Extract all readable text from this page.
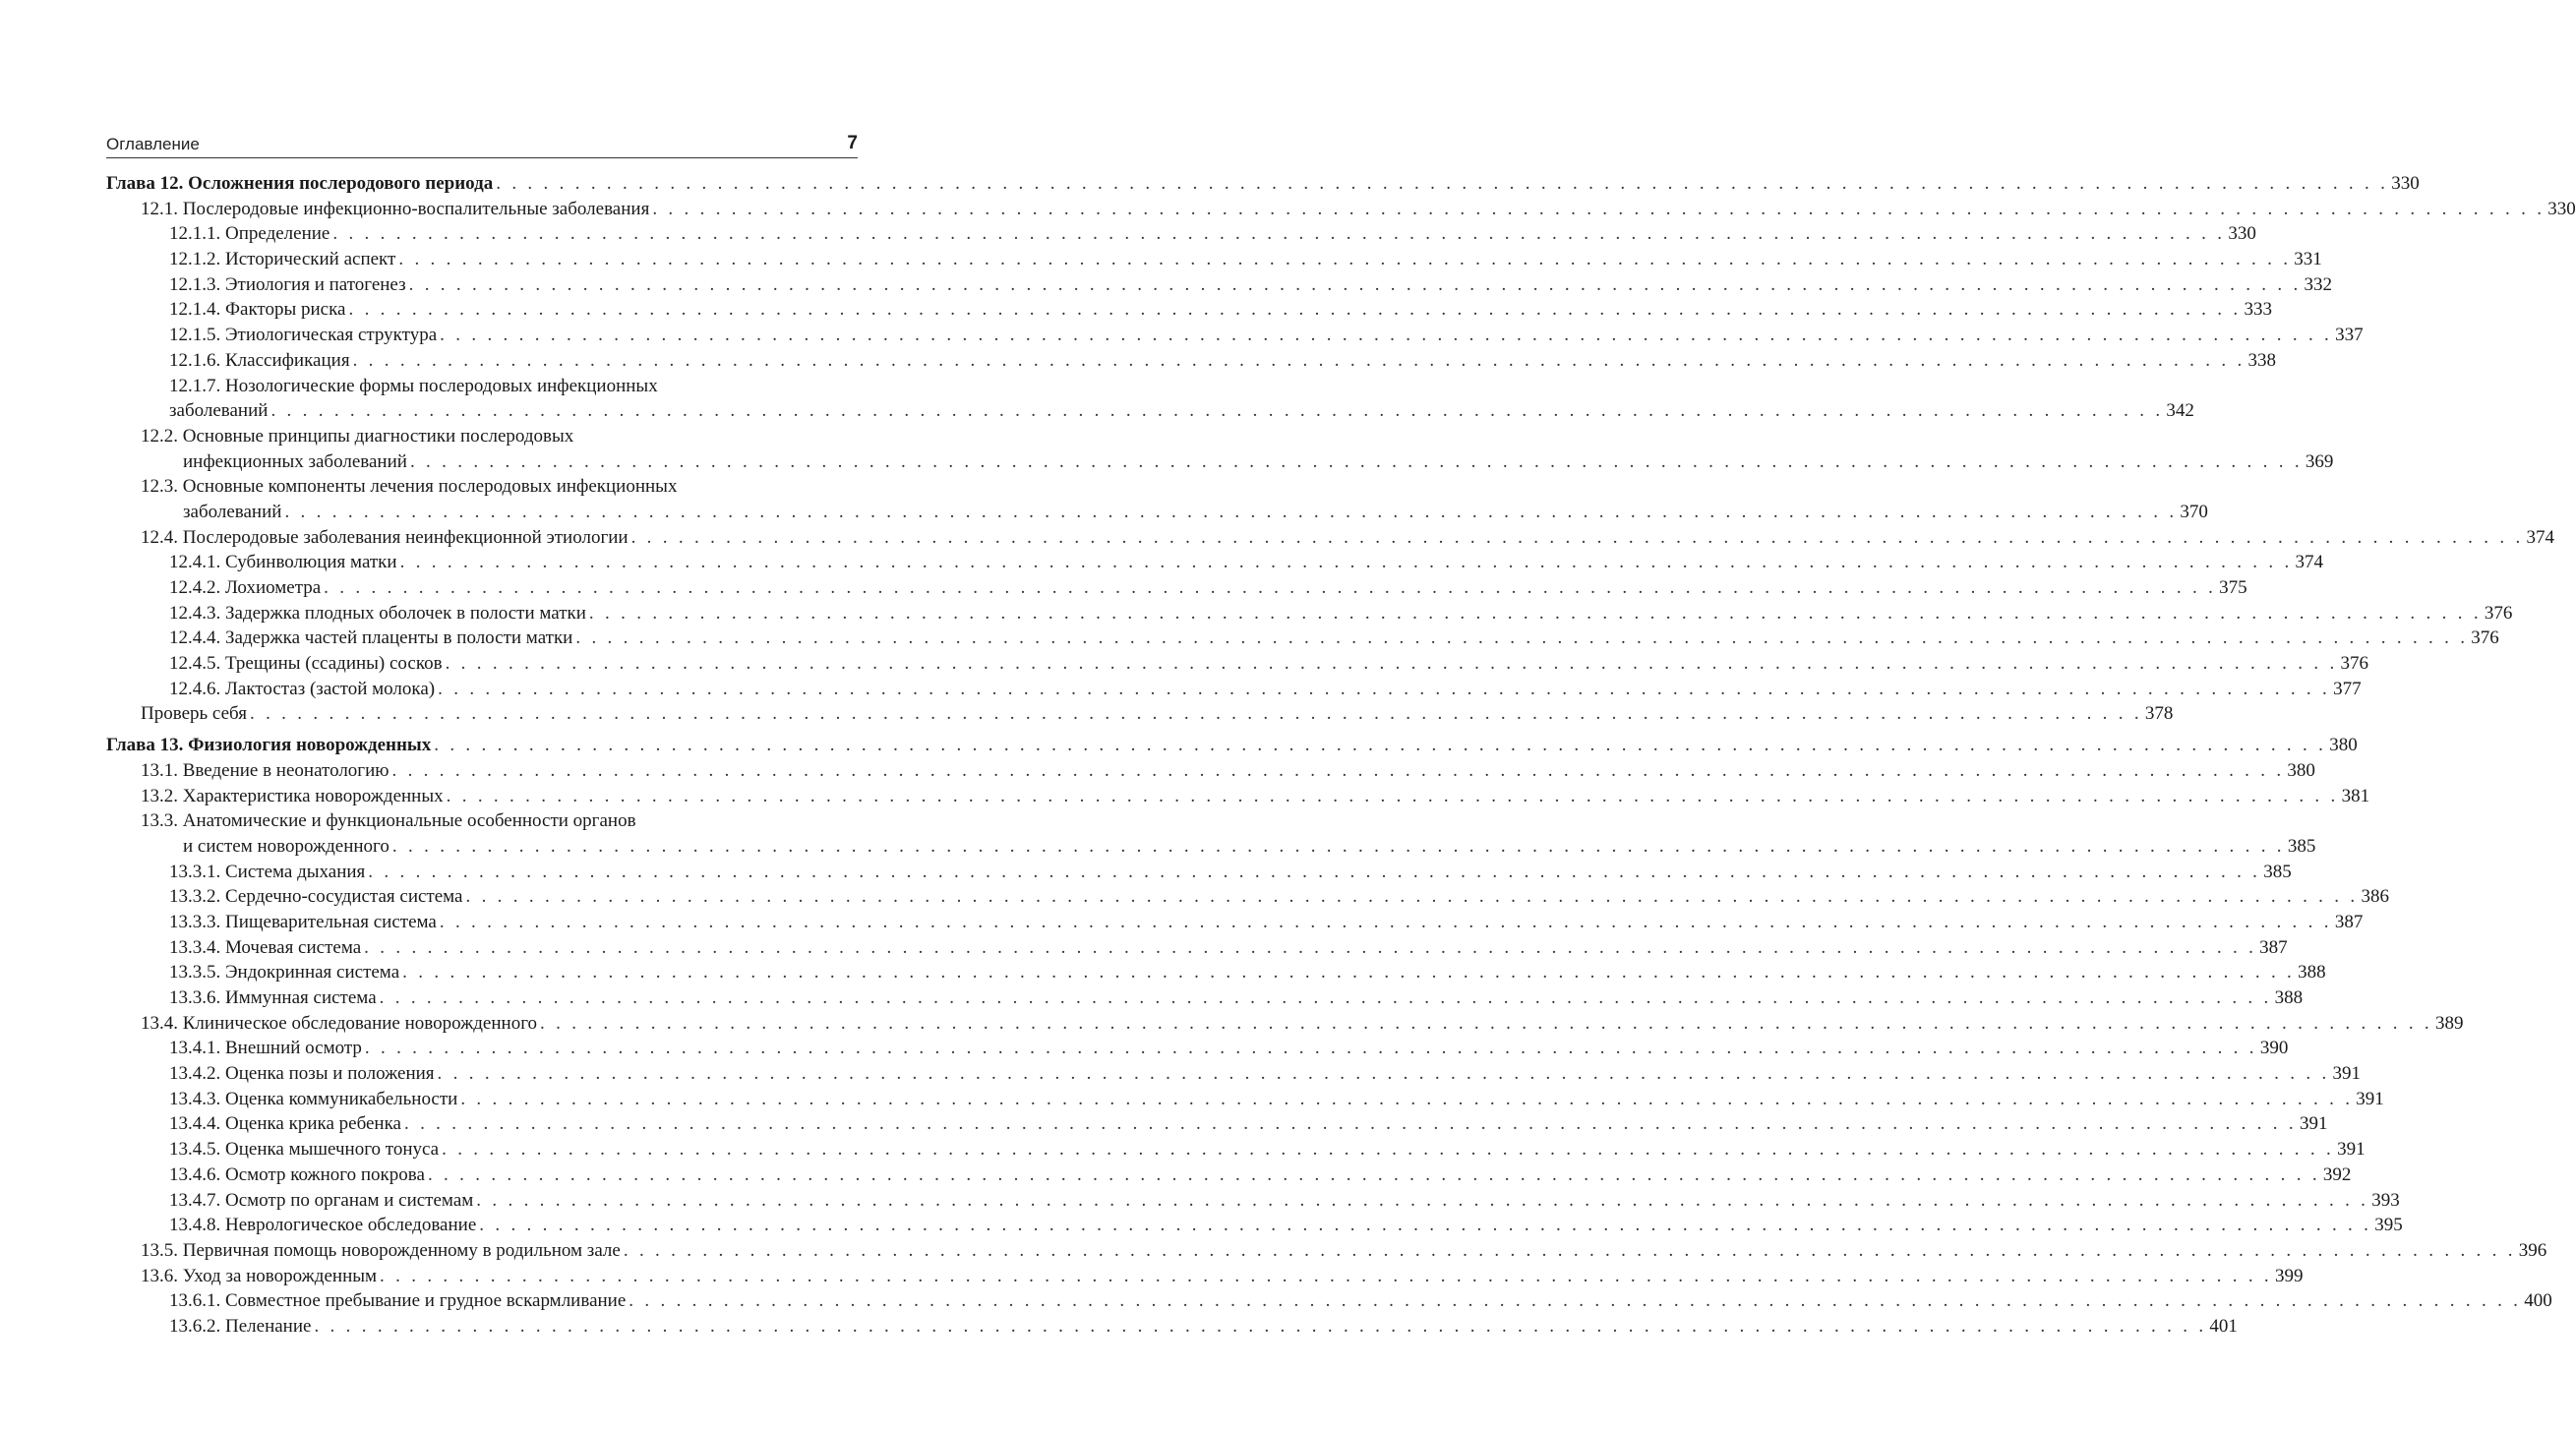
Оглавление	7
Глава 12. Осложнения послеродового периода . . . . . . . . . . . . . . . . . . . . . . . . . . . . . . . . . . . . . . . . . . . . . . . . . . . . . . . . . . . . . . . . . . . . . . . . . . . . . . . . . . . . . . . . . . . . . . . . . . . . . . . . . . . . . . . . . . . . . . . . 330
12.1. Послеродовые инфекционно-воспалительные заболевания . . . . . . . . . . . . . . . . . . . . . . . . . . . . . . . . . . . . . . . . . . . . . . . . . . . . . . . . . . . . . . . . . . . . . . . . . . . . . . . . . . . . . . . . . . . . . . . . . . . . . . . . . . . . . . . . . . . . . . . . 330
12.1.1. Определение . . . . . . . . . . . . . . . . . . . . . . . . . . . . . . . . . . . . . . . . . . . . . . . . . . . . . . . . . . . . . . . . . . . . . . . . . . . . . . . . . . . . . . . . . . . . . . . . . . . . . . . . . . . . . . . . . . . . . . . . 330
12.1.2. Исторический аспект . . . . . . . . . . . . . . . . . . . . . . . . . . . . . . . . . . . . . . . . . . . . . . . . . . . . . . . . . . . . . . . . . . . . . . . . . . . . . . . . . . . . . . . . . . . . . . . . . . . . . . . . . . . . . . . . . . . . . . . . 331
12.1.3. Этиология и патогенез . . . . . . . . . . . . . . . . . . . . . . . . . . . . . . . . . . . . . . . . . . . . . . . . . . . . . . . . . . . . . . . . . . . . . . . . . . . . . . . . . . . . . . . . . . . . . . . . . . . . . . . . . . . . . . . . . . . . . . . . 332
12.1.4. Факторы риска . . . . . . . . . . . . . . . . . . . . . . . . . . . . . . . . . . . . . . . . . . . . . . . . . . . . . . . . . . . . . . . . . . . . . . . . . . . . . . . . . . . . . . . . . . . . . . . . . . . . . . . . . . . . . . . . . . . . . . . . 333
12.1.5. Этиологическая структура . . . . . . . . . . . . . . . . . . . . . . . . . . . . . . . . . . . . . . . . . . . . . . . . . . . . . . . . . . . . . . . . . . . . . . . . . . . . . . . . . . . . . . . . . . . . . . . . . . . . . . . . . . . . . . . . . . . . . . . . 337
12.1.6. Классификация . . . . . . . . . . . . . . . . . . . . . . . . . . . . . . . . . . . . . . . . . . . . . . . . . . . . . . . . . . . . . . . . . . . . . . . . . . . . . . . . . . . . . . . . . . . . . . . . . . . . . . . . . . . . . . . . . . . . . . . . 338
12.1.7. Нозологические формы послеродовых инфекционных
заболеваний . . . . . . . . . . . . . . . . . . . . . . . . . . . . . . . . . . . . . . . . . . . . . . . . . . . . . . . . . . . . . . . . . . . . . . . . . . . . . . . . . . . . . . . . . . . . . . . . . . . . . . . . . . . . . . . . . . . . . . . . 342
12.2. Основные принципы диагностики послеродовых
инфекционных заболеваний . . . . . . . . . . . . . . . . . . . . . . . . . . . . . . . . . . . . . . . . . . . . . . . . . . . . . . . . . . . . . . . . . . . . . . . . . . . . . . . . . . . . . . . . . . . . . . . . . . . . . . . . . . . . . . . . . . . . . . . . 369
12.3. Основные компоненты лечения послеродовых инфекционных
заболеваний . . . . . . . . . . . . . . . . . . . . . . . . . . . . . . . . . . . . . . . . . . . . . . . . . . . . . . . . . . . . . . . . . . . . . . . . . . . . . . . . . . . . . . . . . . . . . . . . . . . . . . . . . . . . . . . . . . . . . . . . 370
12.4. Послеродовые заболевания неинфекционной этиологии . . . . . . . . . . . . . . . . . . . . . . . . . . . . . . . . . . . . . . . . . . . . . . . . . . . . . . . . . . . . . . . . . . . . . . . . . . . . . . . . . . . . . . . . . . . . . . . . . . . . . . . . . . . . . . . . . . . . . . . . 374
12.4.1. Субинволюция матки . . . . . . . . . . . . . . . . . . . . . . . . . . . . . . . . . . . . . . . . . . . . . . . . . . . . . . . . . . . . . . . . . . . . . . . . . . . . . . . . . . . . . . . . . . . . . . . . . . . . . . . . . . . . . . . . . . . . . . . . 374
12.4.2. Лохиометра . . . . . . . . . . . . . . . . . . . . . . . . . . . . . . . . . . . . . . . . . . . . . . . . . . . . . . . . . . . . . . . . . . . . . . . . . . . . . . . . . . . . . . . . . . . . . . . . . . . . . . . . . . . . . . . . . . . . . . . . 375
12.4.3. Задержка плодных оболочек в полости матки . . . . . . . . . . . . . . . . . . . . . . . . . . . . . . . . . . . . . . . . . . . . . . . . . . . . . . . . . . . . . . . . . . . . . . . . . . . . . . . . . . . . . . . . . . . . . . . . . . . . . . . . . . . . . . . . . . . . . . . . 376
12.4.4. Задержка частей плаценты в полости матки . . . . . . . . . . . . . . . . . . . . . . . . . . . . . . . . . . . . . . . . . . . . . . . . . . . . . . . . . . . . . . . . . . . . . . . . . . . . . . . . . . . . . . . . . . . . . . . . . . . . . . . . . . . . . . . . . . . . . . . . 376
12.4.5. Трещины (ссадины) сосков . . . . . . . . . . . . . . . . . . . . . . . . . . . . . . . . . . . . . . . . . . . . . . . . . . . . . . . . . . . . . . . . . . . . . . . . . . . . . . . . . . . . . . . . . . . . . . . . . . . . . . . . . . . . . . . . . . . . . . . . 376
12.4.6. Лактостаз (застой молока) . . . . . . . . . . . . . . . . . . . . . . . . . . . . . . . . . . . . . . . . . . . . . . . . . . . . . . . . . . . . . . . . . . . . . . . . . . . . . . . . . . . . . . . . . . . . . . . . . . . . . . . . . . . . . . . . . . . . . . . . 377
Проверь себя . . . . . . . . . . . . . . . . . . . . . . . . . . . . . . . . . . . . . . . . . . . . . . . . . . . . . . . . . . . . . . . . . . . . . . . . . . . . . . . . . . . . . . . . . . . . . . . . . . . . . . . . . . . . . . . . . . . . . . . . 378
Глава 13. Физиология новорожденных . . . . . . . . . . . . . . . . . . . . . . . . . . . . . . . . . . . . . . . . . . . . . . . . . . . . . . . . . . . . . . . . . . . . . . . . . . . . . . . . . . . . . . . . . . . . . . . . . . . . . . . . . . . . . . . . . . . . . . . . 380
13.1. Введение в неонатологию . . . . . . . . . . . . . . . . . . . . . . . . . . . . . . . . . . . . . . . . . . . . . . . . . . . . . . . . . . . . . . . . . . . . . . . . . . . . . . . . . . . . . . . . . . . . . . . . . . . . . . . . . . . . . . . . . . . . . . . . 380
13.2. Характеристика новорожденных . . . . . . . . . . . . . . . . . . . . . . . . . . . . . . . . . . . . . . . . . . . . . . . . . . . . . . . . . . . . . . . . . . . . . . . . . . . . . . . . . . . . . . . . . . . . . . . . . . . . . . . . . . . . . . . . . . . . . . . . 381
13.3. Анатомические и функциональные особенности органов
и систем новорожденного . . . . . . . . . . . . . . . . . . . . . . . . . . . . . . . . . . . . . . . . . . . . . . . . . . . . . . . . . . . . . . . . . . . . . . . . . . . . . . . . . . . . . . . . . . . . . . . . . . . . . . . . . . . . . . . . . . . . . . . . 385
13.3.1. Система дыхания . . . . . . . . . . . . . . . . . . . . . . . . . . . . . . . . . . . . . . . . . . . . . . . . . . . . . . . . . . . . . . . . . . . . . . . . . . . . . . . . . . . . . . . . . . . . . . . . . . . . . . . . . . . . . . . . . . . . . . . . 385
13.3.2. Сердечно-сосудистая система . . . . . . . . . . . . . . . . . . . . . . . . . . . . . . . . . . . . . . . . . . . . . . . . . . . . . . . . . . . . . . . . . . . . . . . . . . . . . . . . . . . . . . . . . . . . . . . . . . . . . . . . . . . . . . . . . . . . . . . . 386
13.3.3. Пищеварительная система . . . . . . . . . . . . . . . . . . . . . . . . . . . . . . . . . . . . . . . . . . . . . . . . . . . . . . . . . . . . . . . . . . . . . . . . . . . . . . . . . . . . . . . . . . . . . . . . . . . . . . . . . . . . . . . . . . . . . . . . 387
13.3.4. Мочевая система . . . . . . . . . . . . . . . . . . . . . . . . . . . . . . . . . . . . . . . . . . . . . . . . . . . . . . . . . . . . . . . . . . . . . . . . . . . . . . . . . . . . . . . . . . . . . . . . . . . . . . . . . . . . . . . . . . . . . . . . 387
13.3.5. Эндокринная система . . . . . . . . . . . . . . . . . . . . . . . . . . . . . . . . . . . . . . . . . . . . . . . . . . . . . . . . . . . . . . . . . . . . . . . . . . . . . . . . . . . . . . . . . . . . . . . . . . . . . . . . . . . . . . . . . . . . . . . . 388
13.3.6. Иммунная система . . . . . . . . . . . . . . . . . . . . . . . . . . . . . . . . . . . . . . . . . . . . . . . . . . . . . . . . . . . . . . . . . . . . . . . . . . . . . . . . . . . . . . . . . . . . . . . . . . . . . . . . . . . . . . . . . . . . . . . . 388
13.4. Клиническое обследование новорожденного . . . . . . . . . . . . . . . . . . . . . . . . . . . . . . . . . . . . . . . . . . . . . . . . . . . . . . . . . . . . . . . . . . . . . . . . . . . . . . . . . . . . . . . . . . . . . . . . . . . . . . . . . . . . . . . . . . . . . . . . 389
13.4.1. Внешний осмотр . . . . . . . . . . . . . . . . . . . . . . . . . . . . . . . . . . . . . . . . . . . . . . . . . . . . . . . . . . . . . . . . . . . . . . . . . . . . . . . . . . . . . . . . . . . . . . . . . . . . . . . . . . . . . . . . . . . . . . . . 390
13.4.2. Оценка позы и положения . . . . . . . . . . . . . . . . . . . . . . . . . . . . . . . . . . . . . . . . . . . . . . . . . . . . . . . . . . . . . . . . . . . . . . . . . . . . . . . . . . . . . . . . . . . . . . . . . . . . . . . . . . . . . . . . . . . . . . . . 391
13.4.3. Оценка коммуникабельности . . . . . . . . . . . . . . . . . . . . . . . . . . . . . . . . . . . . . . . . . . . . . . . . . . . . . . . . . . . . . . . . . . . . . . . . . . . . . . . . . . . . . . . . . . . . . . . . . . . . . . . . . . . . . . . . . . . . . . . . 391
13.4.4. Оценка крика ребенка . . . . . . . . . . . . . . . . . . . . . . . . . . . . . . . . . . . . . . . . . . . . . . . . . . . . . . . . . . . . . . . . . . . . . . . . . . . . . . . . . . . . . . . . . . . . . . . . . . . . . . . . . . . . . . . . . . . . . . . . 391
13.4.5. Оценка мышечного тонуса . . . . . . . . . . . . . . . . . . . . . . . . . . . . . . . . . . . . . . . . . . . . . . . . . . . . . . . . . . . . . . . . . . . . . . . . . . . . . . . . . . . . . . . . . . . . . . . . . . . . . . . . . . . . . . . . . . . . . . . . 391
13.4.6. Осмотр кожного покрова . . . . . . . . . . . . . . . . . . . . . . . . . . . . . . . . . . . . . . . . . . . . . . . . . . . . . . . . . . . . . . . . . . . . . . . . . . . . . . . . . . . . . . . . . . . . . . . . . . . . . . . . . . . . . . . . . . . . . . . . 392
13.4.7. Осмотр по органам и системам . . . . . . . . . . . . . . . . . . . . . . . . . . . . . . . . . . . . . . . . . . . . . . . . . . . . . . . . . . . . . . . . . . . . . . . . . . . . . . . . . . . . . . . . . . . . . . . . . . . . . . . . . . . . . . . . . . . . . . . . 393
13.4.8. Неврологическое обследование . . . . . . . . . . . . . . . . . . . . . . . . . . . . . . . . . . . . . . . . . . . . . . . . . . . . . . . . . . . . . . . . . . . . . . . . . . . . . . . . . . . . . . . . . . . . . . . . . . . . . . . . . . . . . . . . . . . . . . . . 395
13.5. Первичная помощь новорожденному в родильном зале . . . . . . . . . . . . . . . . . . . . . . . . . . . . . . . . . . . . . . . . . . . . . . . . . . . . . . . . . . . . . . . . . . . . . . . . . . . . . . . . . . . . . . . . . . . . . . . . . . . . . . . . . . . . . . . . . . . . . . . . 396
13.6. Уход за новорожденным . . . . . . . . . . . . . . . . . . . . . . . . . . . . . . . . . . . . . . . . . . . . . . . . . . . . . . . . . . . . . . . . . . . . . . . . . . . . . . . . . . . . . . . . . . . . . . . . . . . . . . . . . . . . . . . . . . . . . . . . 399
13.6.1. Совместное пребывание и грудное вскармливание . . . . . . . . . . . . . . . . . . . . . . . . . . . . . . . . . . . . . . . . . . . . . . . . . . . . . . . . . . . . . . . . . . . . . . . . . . . . . . . . . . . . . . . . . . . . . . . . . . . . . . . . . . . . . . . . . . . . . . . . 400
13.6.2. Пеленание . . . . . . . . . . . . . . . . . . . . . . . . . . . . . . . . . . . . . . . . . . . . . . . . . . . . . . . . . . . . . . . . . . . . . . . . . . . . . . . . . . . . . . . . . . . . . . . . . . . . . . . . . . . . . . . . . . . . . . . . 401
